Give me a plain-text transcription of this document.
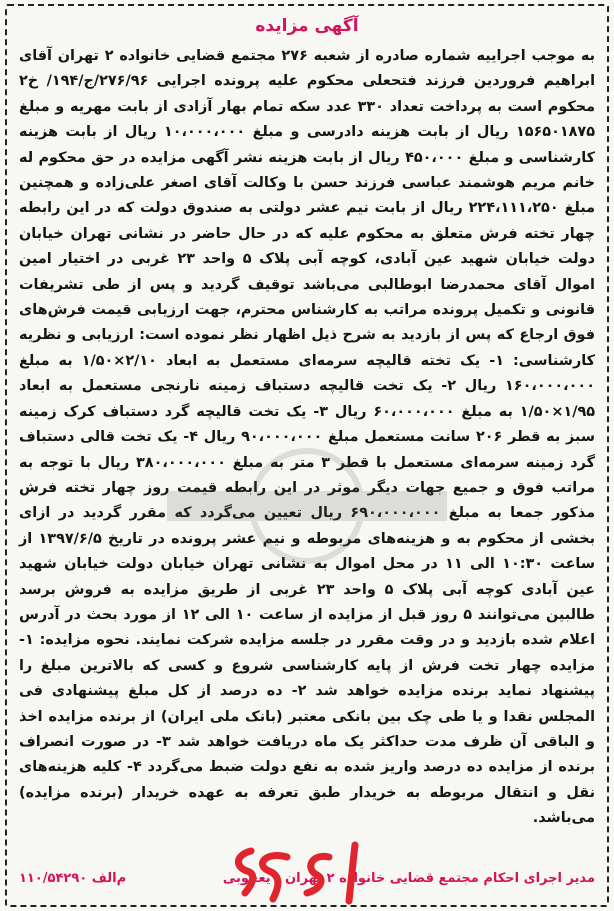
آگهی مزایده

به موجب اجراییه شماره صادره از شعبه ۲۷۶ مجتمع قضایی خانواده ۲ تهران آقای ابراهیم فروردین فرزند فتحعلی محکوم علیه پرونده اجرایی ۲۷۶/۹۶/ج/۱۹۴/ خ۲ محکوم است به پرداخت تعداد ۳۳۰ عدد سکه تمام بهار آزادی از بابت مهریه و مبلغ ۱۵۶۵۰۱۸۷۵ ریال از بابت هزینه دادرسی و مبلغ ۱۰،۰۰۰،۰۰۰ ریال از بابت هزینه کارشناسی و مبلغ ۴۵۰،۰۰۰ ریال از بابت هزینه نشر آگهی مزایده در حق محکوم له خانم مریم هوشمند عباسی فرزند حسن با وکالت آقای اصغر علی‌زاده و همچنین مبلغ ۲۲۴،۱۱۱،۲۵۰ ریال از بابت نیم عشر دولتی به صندوق دولت که در این رابطه چهار تخته فرش متعلق به محکوم علیه که در حال حاضر در نشانی تهران خیابان دولت خیابان شهید عین آبادی، کوچه آبی پلاک ۵ واحد ۲۳ غربی در اختیار امین اموال آقای محمدرضا ابوطالبی می‌باشد توقیف گردید و پس از طی تشریفات قانونی و تکمیل پرونده مراتب به کارشناس محترم، جهت ارزیابی قیمت فرش‌های فوق ارجاع که پس از بازدید به شرح ذیل اظهار نظر نموده است: ارزیابی و نظریه کارشناسی: ۱- یک تخته قالیچه سرمه‌ای مستعمل به ابعاد ۲/۱۰×۱/۵۰ به مبلغ ۱۶۰،۰۰۰،۰۰۰ ریال ۲- یک تخت قالیچه دستباف زمینه نارنجی مستعمل به ابعاد ۱/۹۵×۱/۵۰ به مبلغ ۶۰،۰۰۰،۰۰۰ ریال ۳- یک تخت قالیچه گرد دستباف کرک زمینه سبز به قطر ۲۰۶ سانت مستعمل مبلغ ۹۰،۰۰۰،۰۰۰ ریال ۴- یک تخت قالی دستباف گرد زمینه سرمه‌ای مستعمل با قطر ۳ متر به مبلغ ۳۸۰،۰۰۰،۰۰۰ ریال با توجه به مراتب فوق و جمیع جهات دیگر موثر در این رابطه قیمت روز چهار تخته فرش مذکور جمعا به مبلغ ۶۹۰،۰۰۰،۰۰۰ ریال تعیین می‌گردد که مقرر گردید در ازای بخشی از محکوم به و هزینه‌های مربوطه و نیم عشر پرونده در تاریخ ۱۳۹۷/۶/۵ از ساعت ۱۰:۳۰ الی ۱۱ در محل اموال به نشانی تهران خیابان دولت خیابان شهید عین آبادی کوچه آبی پلاک ۵ واحد ۲۳ غربی از طریق مزایده به فروش برسد طالبین می‌توانند ۵ روز قبل از مزایده از ساعت ۱۰ الی ۱۲ از مورد بحث در آدرس اعلام شده بازدید و در وقت مقرر در جلسه مزایده شرکت نمایند. نحوه مزایده: ۱- مزایده چهار تخت فرش از پایه کارشناسی شروع و کسی که بالاترین مبلغ را پیشنهاد نماید برنده مزایده خواهد شد ۲- ده درصد از کل مبلغ پیشنهادی فی المجلس نقدا و یا طی چک بین بانکی معتبر (بانک ملی ایران) از برنده مزایده اخذ و الباقی آن ظرف مدت حداکثر یک ماه دریافت خواهد شد ۳- در صورت انصراف برنده از مزایده ده درصد واریز شده به نفع دولت ضبط می‌گردد ۴- کلیه هزینه‌های نقل و انتقال مربوطه به خریدار طبق تعرفه به عهده خریدار (برنده مزایده) می‌باشد.

مدیر اجرای احکام مجتمع قضایی خانواده ۲ تهران - یعقوبی
م‌الف ۱۱۰/۵۴۲۹۰
